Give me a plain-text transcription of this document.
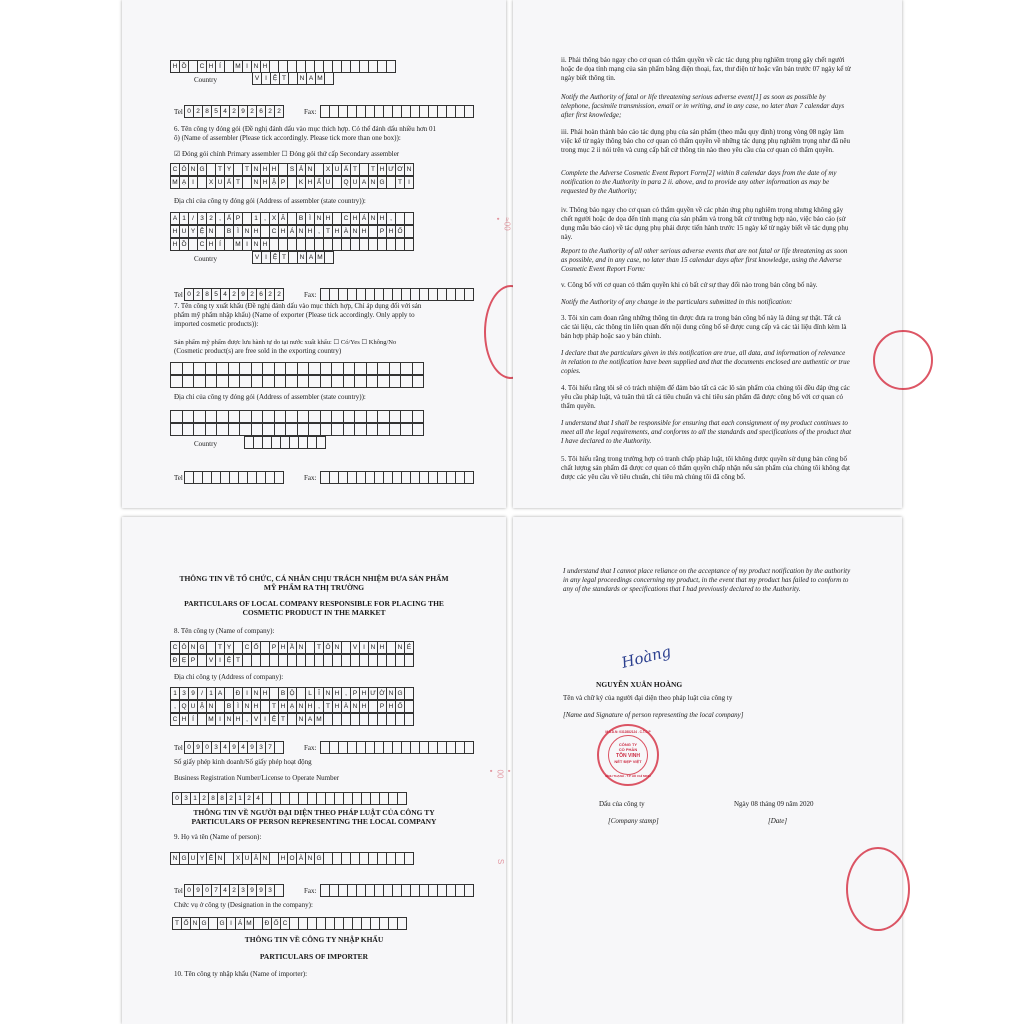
H Ồ	C H Í	M I N H
Country	V I Ệ T	N A M
Tel 0 2 8 5 4 2 9 2 6 2 2	Fax:
6. Tên công ty đóng gói (Đề nghị đánh dấu vào mục thích hợp. Có thể đánh dấu nhiều hơn 01
ô) (Name of assembler (Please tick accordingly. Please tick more than one box)):
☑ Đóng gói chính Primary assembler ☐ Đóng gói thứ cấp Secondary assembler
C Ô N G	T Y	T N H H	S Ả N	X U Ấ T	T H Ư Ơ N
M Ạ I	X U Ấ T	N H Ậ P	K H Ẩ U	Q U A N G	T I
Địa chỉ của công ty đóng gói (Address of assembler (state country)):
A 1 / 3 2 , Ấ P	1 , X Ã	B Ì N H	C H Á N H ,
H U Y Ệ N	B Ì N H	C H Á N H , T H À N H	P H Ố
H Ồ	C H Í	M I N H
Country	V I Ệ T	N A M
Tel 0 2 8 5 4 2 9 2 6 2 2	Fax:
7. Tên công ty xuất khẩu (Đề nghị đánh dấu vào mục thích hợp, Chỉ áp dụng đối với sản
phẩm mỹ phẩm nhập khẩu) (Name of exporter (Please tick accordingly. Only apply to
imported cosmetic products)):
Sản phẩm mỹ phẩm được lưu hành tự do tại nước xuất khẩu: ☐ Có/Yes ☐ Không/No
(Cosmetic product(s) are free sold in the exporting country)
Địa chỉ của công ty đóng gói (Address of assembler (state country)):
Country
Tel	Fax:
≈00 •
ii. Phải thông báo ngay cho cơ quan có thẩm quyền về các tác dụng phụ nghiêm trọng gây chết người hoặc đe dọa tính mạng của sản phẩm bằng điện thoại, fax, thư điện tử hoặc văn bản trước 07 ngày kể từ ngày biết thông tin.
Notify the Authority of fatal or life threatening serious adverse event[1] as soon as possible by telephone, facsimile transmission, email or in writing, and in any case, no later than 7 calendar days after first knowledge;
iii. Phải hoàn thành báo cáo tác dụng phụ của sản phẩm (theo mẫu quy định) trong vòng 08 ngày làm việc kể từ ngày thông báo cho cơ quan có thẩm quyền về những tác dụng phụ nghiêm trọng như đã nêu trong mục 2 ii nói trên và cung cấp bất cứ thông tin nào theo yêu cầu của cơ quan có thẩm quyền.
Complete the Adverse Cosmetic Event Report Form[2] within 8 calendar days from the date of my notification to the Authority in para 2 ii. above, and to provide any other information as may be requested by the Authority;
iv. Thông báo ngay cho cơ quan có thẩm quyền về các phản ứng phụ nghiêm trọng nhưng không gây chết người hoặc đe dọa đến tính mạng của sản phẩm và trong bất cứ trường hợp nào, việc báo cáo (sử dụng mẫu báo cáo) về tác dụng phụ phải được tiến hành trước 15 ngày kể từ ngày biết về tác dụng phụ này.
Report to the Authority of all other serious adverse events that are not fatal or life threatening as soon as possible, and in any case, no later than 15 calendar days after first knowledge, using the Adverse Cosmetic Event Report Form:
v. Công bố với cơ quan có thẩm quyền khi có bất cứ sự thay đổi nào trong bản công bố này.
Notify the Authority of any change in the particulars submitted in this notification:
3. Tôi xin cam đoan rằng những thông tin được đưa ra trong bản công bố này là đúng sự thật. Tất cả các tài liệu, các thông tin liên quan đến nội dung công bố sẽ được cung cấp và các tài liệu đính kèm là bản hợp pháp hoặc sao y bản chính.
I declare that the particulars given in this notification are true, all data, and information of relevance in relation to the notification have been supplied and that the documents enclosed are authentic or true copies.
4. Tôi hiểu rằng tôi sẽ có trách nhiệm để đảm bảo tất cả các lô sản phẩm của chúng tôi đều đáp ứng các yêu cầu pháp luật, và tuân thủ tất cả tiêu chuẩn và chỉ tiêu sản phẩm đã được công bố với cơ quan có thẩm quyền.
I understand that I shall be responsible for ensuring that each consignment of my product continues to meet all the legal requirements, and conforms to all the standards and specifications of the product that I have declared to the Authority.
5. Tôi hiểu rằng trong trường hợp có tranh chấp pháp luật, tôi không được quyền sử dụng bản công bố chất lượng sản phẩm đã được cơ quan có thẩm quyền chấp nhận nếu sản phẩm của chúng tôi không đạt được các yêu cầu về tiêu chuẩn, chỉ tiêu mà chúng tôi đã công bố.
THÔNG TIN VỀ TỔ CHỨC, CÁ NHÂN CHỊU TRÁCH NHIỆM ĐƯA SẢN PHẨM
MỸ PHẨM RA THỊ TRƯỜNG
PARTICULARS OF LOCAL COMPANY RESPONSIBLE FOR PLACING THE
COSMETIC PRODUCT IN THE MARKET
8. Tên công ty (Name of company):
C Ô N G	T Y	C Ổ	P H Ầ N	T Ô N	V I N H	N É
Đ Ẹ P	V I Ệ T
Địa chỉ công ty (Address of company):
1 3 9 / 1 A	Đ I N H	B Ộ	L Ĩ N H , P H Ư Ờ N G
, Q U Ậ N	B Ì N H	T H Ạ N H , T H À N H	P H Ố
C H Í	M I N H , V I Ệ T	N A M
Tel 0 9 0 3 4 9 4 9 3 7	Fax:
Số giấy phép kinh doanh/Số giấy phép hoạt động
Business Registration Number/License to Operate Number
0 3 1 2 8 8 2 1 2 4
THÔNG TIN VỀ NGƯỜI ĐẠI DIỆN THEO PHÁP LUẬT CỦA CÔNG TY
PARTICULARS OF PERSON REPRESENTING THE LOCAL COMPANY
9. Họ và tên (Name of person):
N G U Y Ễ N	X U Â N	H O À N G
Tel 0 9 0 7 4 2 3 9 9 3	Fax:
Chức vụ ở công ty (Designation in the company):
T Ổ N G	G I Á M	Đ Ố C
THÔNG TIN VỀ CÔNG TY NHẬP KHẨU
PARTICULARS OF IMPORTER
10. Tên công ty nhập khẩu (Name of importer):
• 00 •
S
I understand that I cannot place reliance on the acceptance of my product notification by the authority in any legal proceedings concerning my product, in the event that my product has failed to conform to any of the standards or specifications that I had previously declared to the Authority.
Hoàng
NGUYỄN XUÂN HOÀNG
Tên và chữ ký của người đại diện theo pháp luật của công ty
[Name and Signature of person representing the local company]
M.S.D.N: 0312882124 . C.T.C.P
CÔNG TY
CỔ PHẦN
TÔN VINH
NÉT ĐẸP VIỆT
BÌNH THẠNH - T.P HỒ CHÍ MINH
Dấu của công ty
[Company stamp]
Ngày 08 tháng 09 năm 2020
[Date]
